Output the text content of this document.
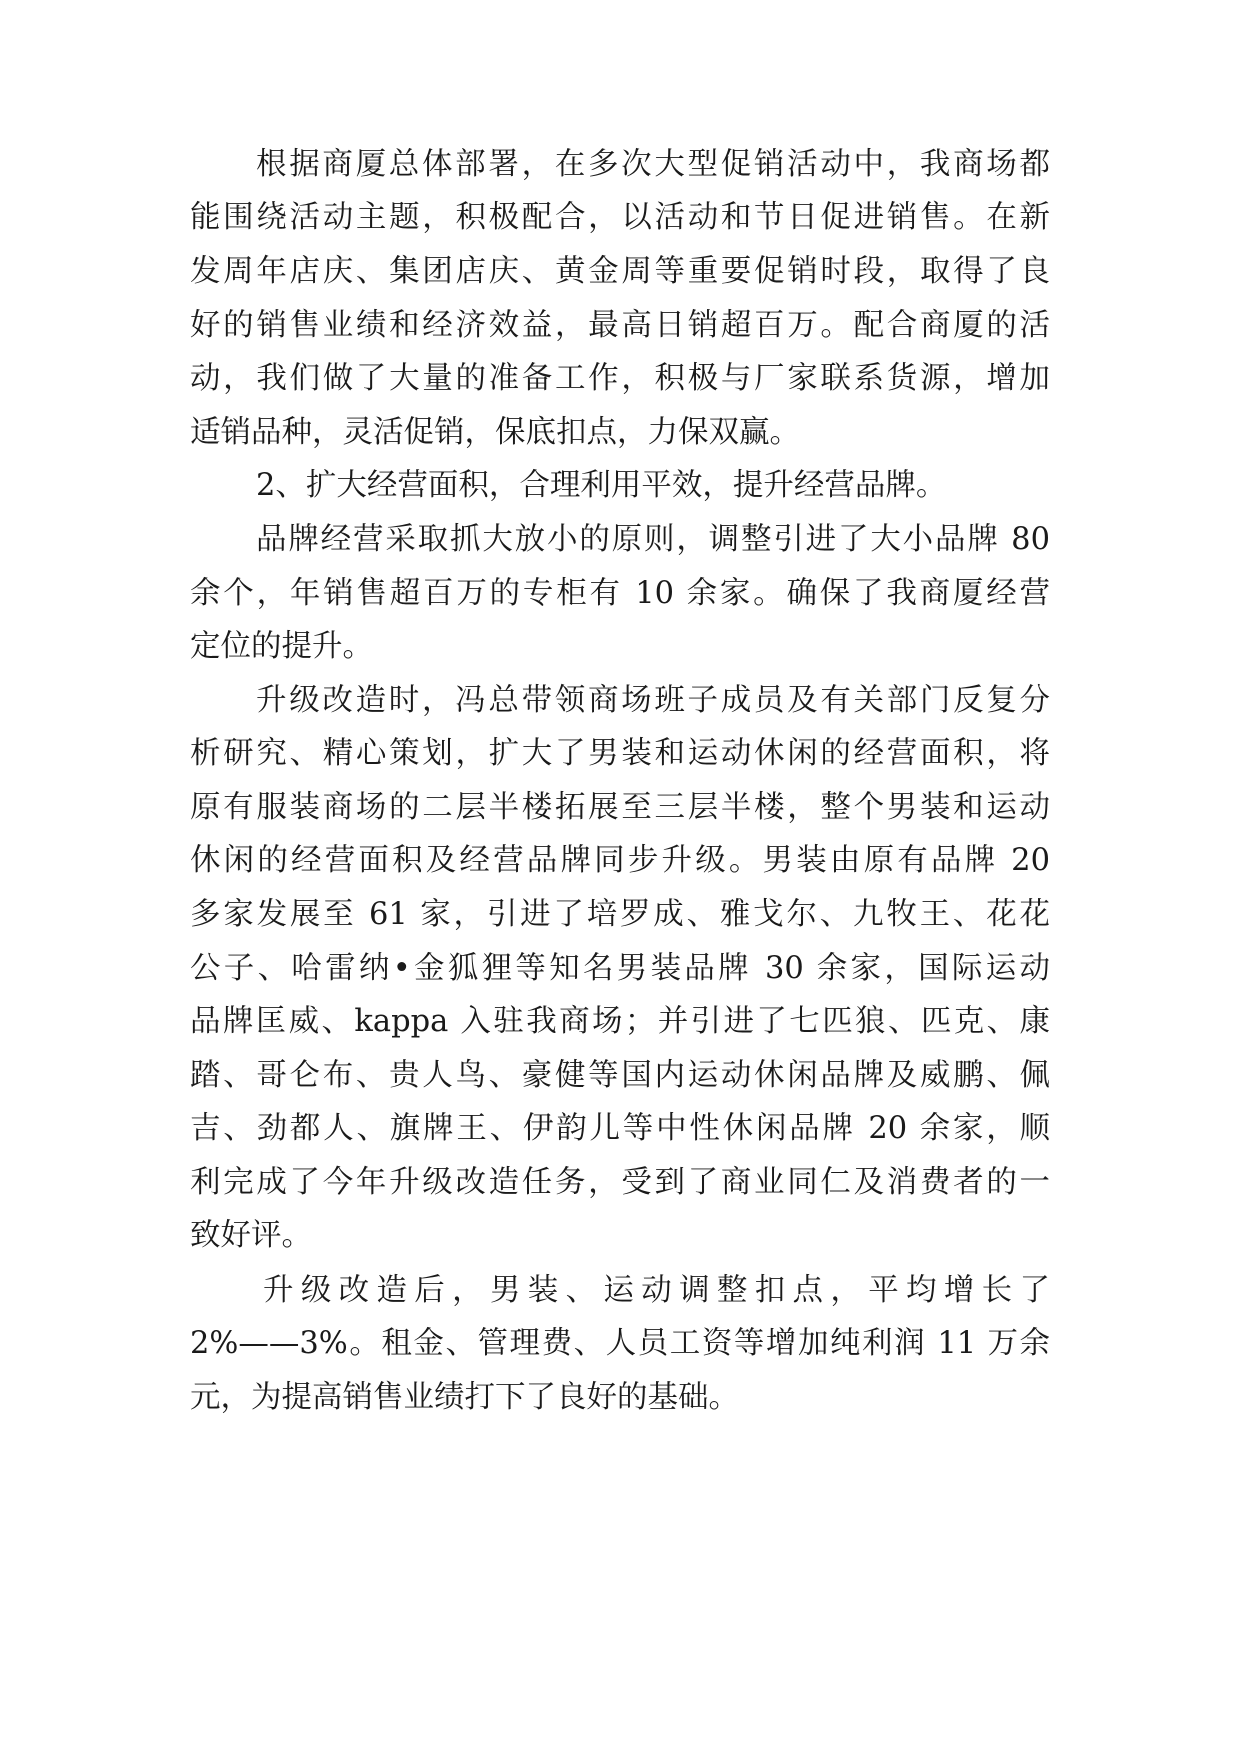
根据商厦总体部署，在多次大型促销活动中，我商场都
能围绕活动主题，积极配合，以活动和节日促进销售。在新
发周年店庆、集团店庆、黄金周等重要促销时段，取得了良
好的销售业绩和经济效益，最高日销超百万。配合商厦的活
动，我们做了大量的准备工作，积极与厂家联系货源，增加
适销品种，灵活促销，保底扣点，力保双赢。
2、扩大经营面积，合理利用平效，提升经营品牌。
品牌经营采取抓大放小的原则，调整引进了大小品牌 80
余个，年销售超百万的专柜有 10 余家。确保了我商厦经营
定位的提升。
升级改造时，冯总带领商场班子成员及有关部门反复分
析研究、精心策划，扩大了男装和运动休闲的经营面积，将
原有服装商场的二层半楼拓展至三层半楼，整个男装和运动
休闲的经营面积及经营品牌同步升级。男装由原有品牌 20
多家发展至 61 家，引进了培罗成、雅戈尔、九牧王、花花
公子、哈雷纳•金狐狸等知名男装品牌 30 余家，国际运动
品牌匡威、kappa 入驻我商场；并引进了七匹狼、匹克、康
踏、哥仑布、贵人鸟、豪健等国内运动休闲品牌及威鹏、佩
吉、劲都人、旗牌王、伊韵儿等中性休闲品牌 20 余家，顺
利完成了今年升级改造任务，受到了商业同仁及消费者的一
致好评。
升级改造后，男装、运动调整扣点，平均增长了
2%——3%。租金、管理费、人员工资等增加纯利润 11 万余
元，为提高销售业绩打下了良好的基础。
